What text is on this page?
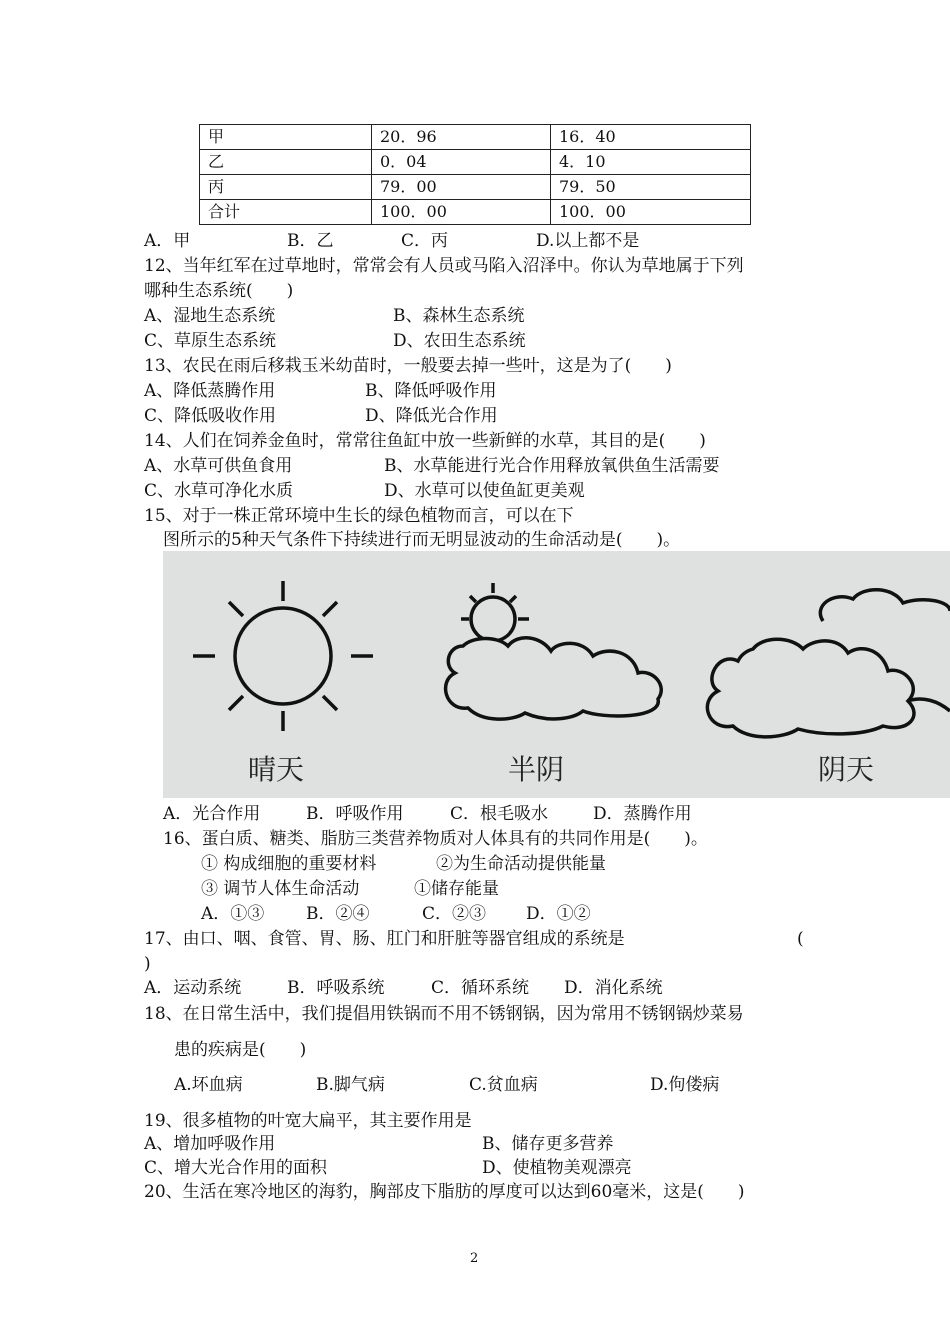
甲	20．96	16．40
乙	0．04	4．10
丙	79．00	79．50
合计	100．00	100．00
A．甲	B．乙	C．丙	D.以上都不是
12、当年红军在过草地时，常常会有人员或马陷入沼泽中。你认为草地属于下列
哪种生态系统(　　)
A、湿地生态系统	B、森林生态系统
C、草原生态系统	D、农田生态系统
13、农民在雨后移栽玉米幼苗时，一般要去掉一些叶，这是为了(　　)
A、降低蒸腾作用	B、降低呼吸作用
C、降低吸收作用	D、降低光合作用
14、人们在饲养金鱼时，常常往鱼缸中放一些新鲜的水草，其目的是(　　)
A、水草可供鱼食用	B、水草能进行光合作用释放氧供鱼生活需要
C、水草可净化水质	D、水草可以使鱼缸更美观
15、对于一株正常环境中生长的绿色植物而言，可以在下
图所示的5种天气条件下持续进行而无明显波动的生命活动是(　　)。
晴天	半阴	阴天
A．光合作用	B．呼吸作用	C．根毛吸水	D．蒸腾作用
16、蛋白质、糖类、脂肪三类营养物质对人体具有的共同作用是(　　)。
① 构成细胞的重要材料	②为生命活动提供能量
③ 调节人体生命活动	①储存能量
A．①③ B．②④	C．②③ D．①②
17、由口、咽、食管、胃、肠、肛门和肝脏等器官组成的系统是	(
)
A．运动系统	B．呼吸系统	C．循环系统 D．消化系统
18、在日常生活中，我们提倡用铁锅而不用不锈钢锅，因为常用不锈钢锅炒菜易
患的疾病是(　　)
A.坏血病	B.脚气病	C.贫血病	D.佝偻病
19、很多植物的叶宽大扁平，其主要作用是
A、增加呼吸作用	B、储存更多营养
C、增大光合作用的面积	D、使植物美观漂亮
20、生活在寒冷地区的海豹，胸部皮下脂肪的厚度可以达到60毫米，这是(　　)
2
